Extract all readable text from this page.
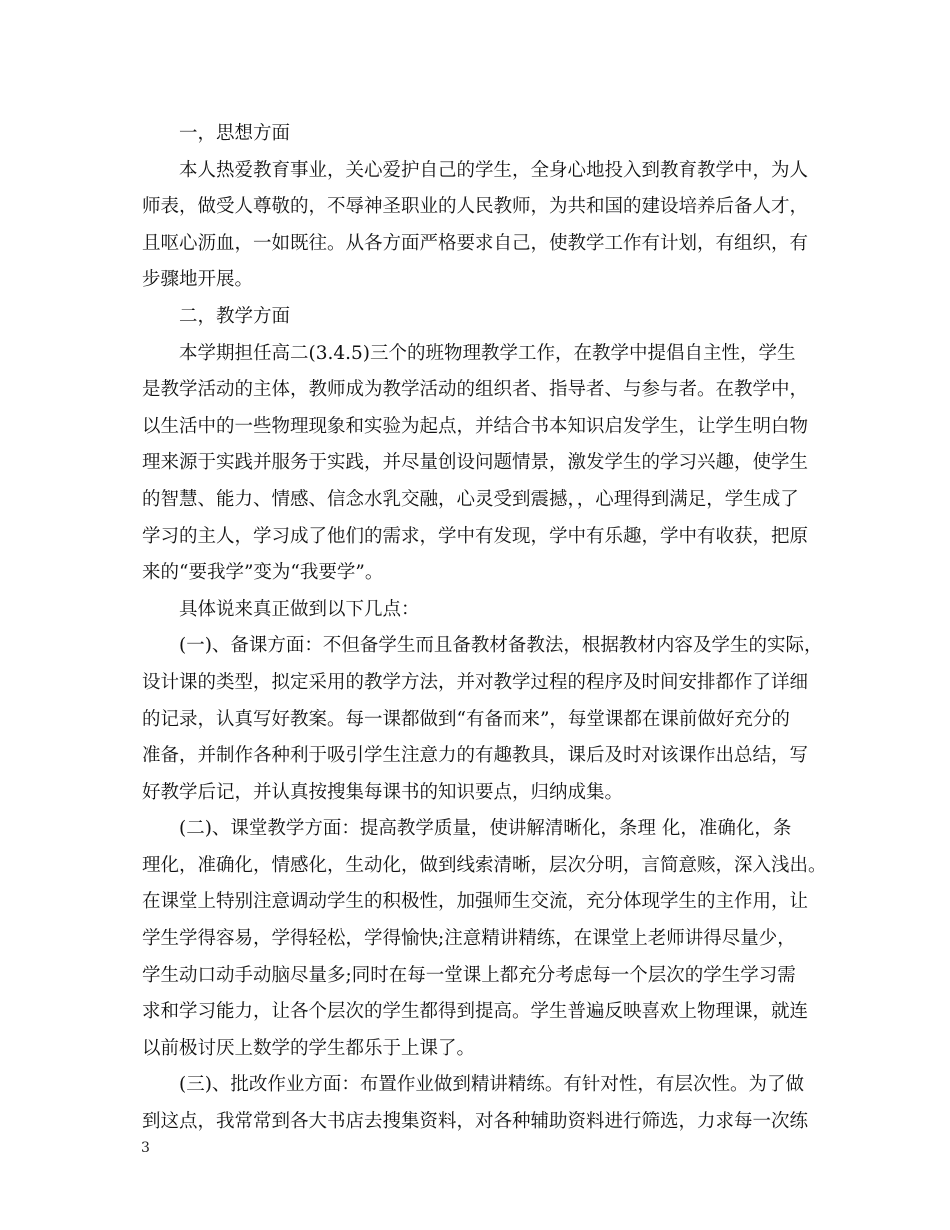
一，思想方面
本人热爱教育事业，关心爱护自己的学生，全身心地投入到教育教学中，为人
师表，做受人尊敬的，不辱神圣职业的人民教师，为共和国的建设培养后备人才，
且呕心沥血，一如既往。从各方面严格要求自己，使教学工作有计划，有组织，有
步骤地开展。
二，教学方面
本学期担任高二(3.4.5)三个的班物理教学工作，在教学中提倡自主性，学生
是教学活动的主体，教师成为教学活动的组织者、指导者、与参与者。在教学中，
以生活中的一些物理现象和实验为起点，并结合书本知识启发学生，让学生明白物
理来源于实践并服务于实践，并尽量创设问题情景，激发学生的学习兴趣，使学生
的智慧、能力、情感、信念水乳交融，心灵受到震撼，，心理得到满足，学生成了
学习的主人，学习成了他们的需求，学中有发现，学中有乐趣，学中有收获，把原
来的“要我学”变为“我要学”。
具体说来真正做到以下几点：
(一)、备课方面：不但备学生而且备教材备教法，根据教材内容及学生的实际，
设计课的类型，拟定采用的教学方法，并对教学过程的程序及时间安排都作了详细
的记录，认真写好教案。每一课都做到“有备而来”，每堂课都在课前做好充分的
准备，并制作各种利于吸引学生注意力的有趣教具，课后及时对该课作出总结，写
好教学后记，并认真按搜集每课书的知识要点，归纳成集。
(二)、课堂教学方面：提高教学质量，使讲解清晰化，条理 化，准确化，条
理化，准确化，情感化，生动化，做到线索清晰，层次分明，言简意赅，深入浅出。
在课堂上特别注意调动学生的积极性，加强师生交流，充分体现学生的主作用，让
学生学得容易，学得轻松，学得愉快;注意精讲精练，在课堂上老师讲得尽量少，
学生动口动手动脑尽量多;同时在每一堂课上都充分考虑每一个层次的学生学习需
求和学习能力，让各个层次的学生都得到提高。学生普遍反映喜欢上物理课，就连
以前极讨厌上数学的学生都乐于上课了。
(三)、批改作业方面：布置作业做到精讲精练。有针对性，有层次性。为了做
到这点，我常常到各大书店去搜集资料，对各种辅助资料进行筛选，力求每一次练
3
